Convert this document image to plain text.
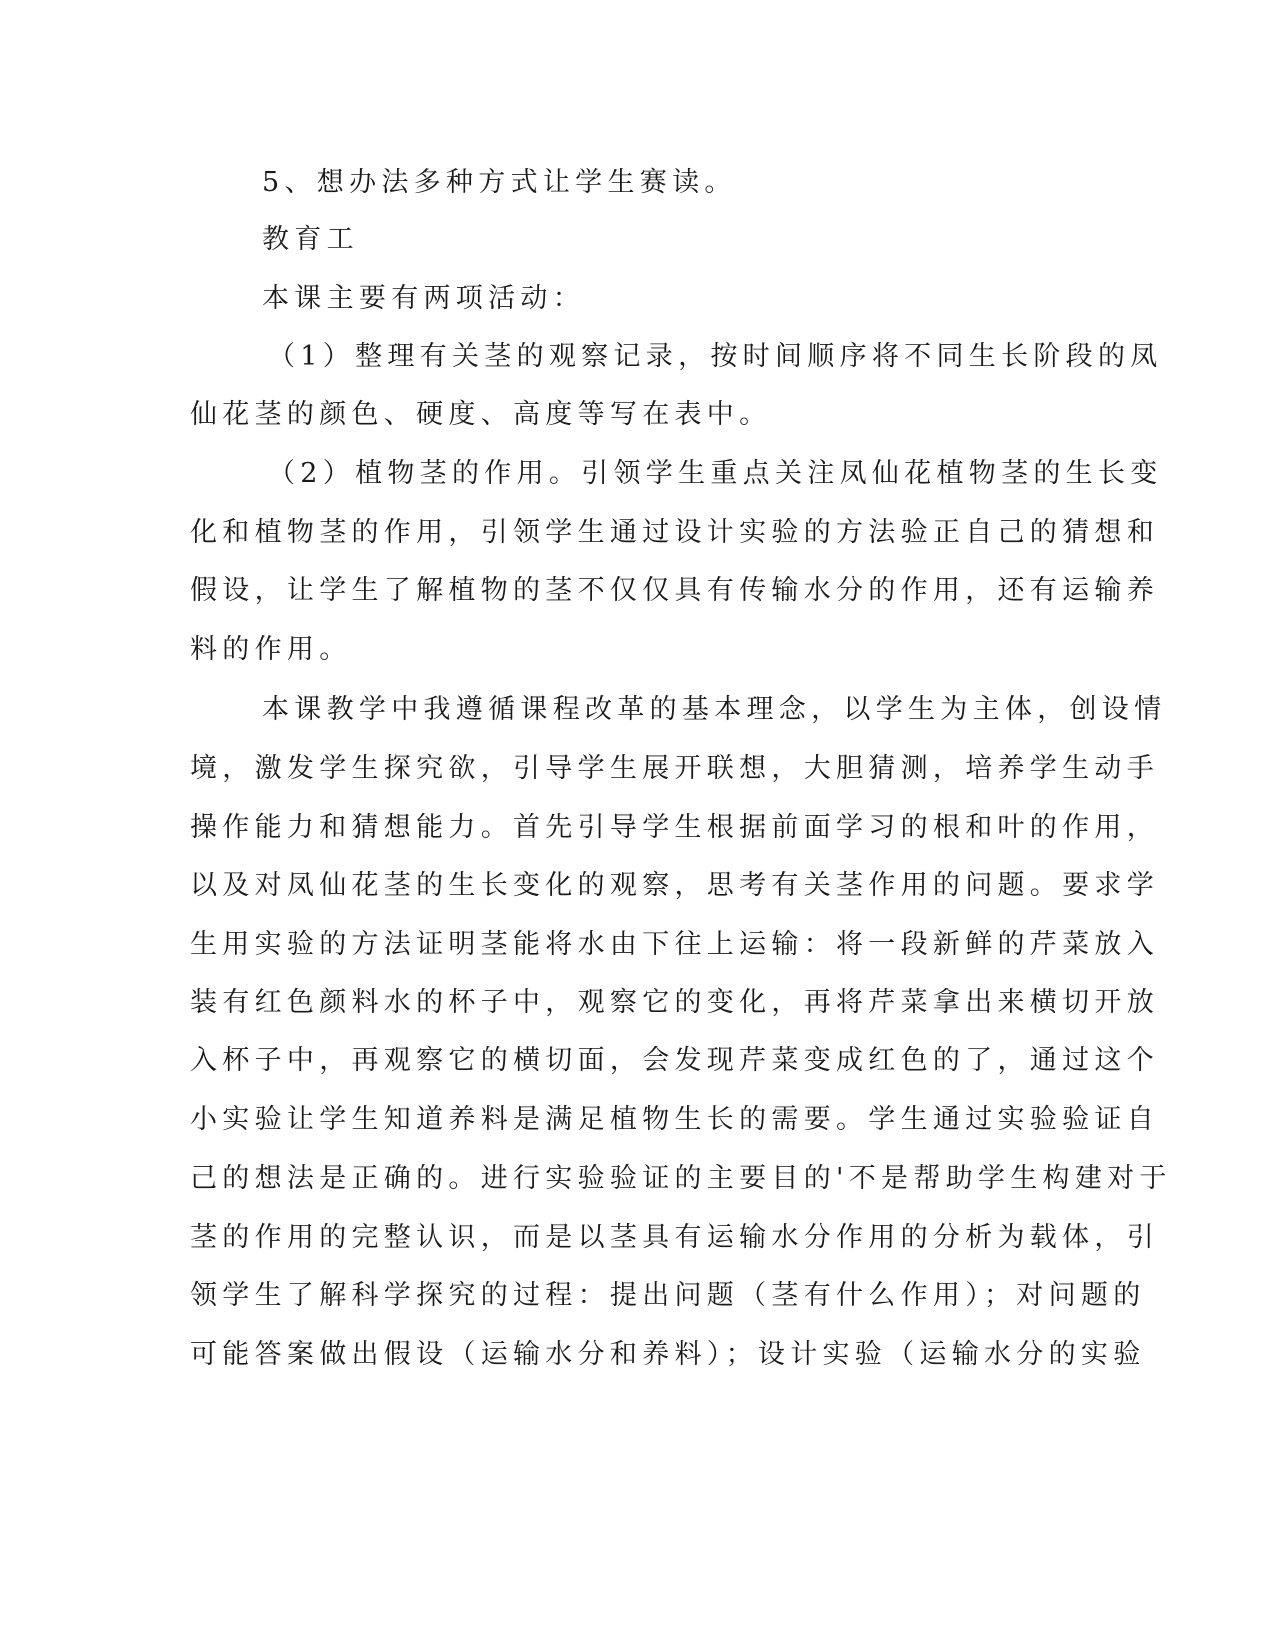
5、想办法多种方式让学生赛读。
教育工
本课主要有两项活动：
（1）整理有关茎的观察记录，按时间顺序将不同生长阶段的凤
仙花茎的颜色、硬度、高度等写在表中。
（2）植物茎的作用。引领学生重点关注凤仙花植物茎的生长变
化和植物茎的作用，引领学生通过设计实验的方法验正自己的猜想和
假设，让学生了解植物的茎不仅仅具有传输水分的作用，还有运输养
料的作用。
本课教学中我遵循课程改革的基本理念，以学生为主体，创设情
境，激发学生探究欲，引导学生展开联想，大胆猜测，培养学生动手
操作能力和猜想能力。首先引导学生根据前面学习的根和叶的作用，
以及对凤仙花茎的生长变化的观察，思考有关茎作用的问题。要求学
生用实验的方法证明茎能将水由下往上运输：将一段新鲜的芹菜放入
装有红色颜料水的杯子中，观察它的变化，再将芹菜拿出来横切开放
入杯子中，再观察它的横切面，会发现芹菜变成红色的了，通过这个
小实验让学生知道养料是满足植物生长的需要。学生通过实验验证自
己的想法是正确的。进行实验验证的主要目的'不是帮助学生构建对于
茎的作用的完整认识，而是以茎具有运输水分作用的分析为载体，引
领学生了解科学探究的过程：提出问题（茎有什么作用）；对问题的
可能答案做出假设（运输水分和养料）；设计实验（运输水分的实验
